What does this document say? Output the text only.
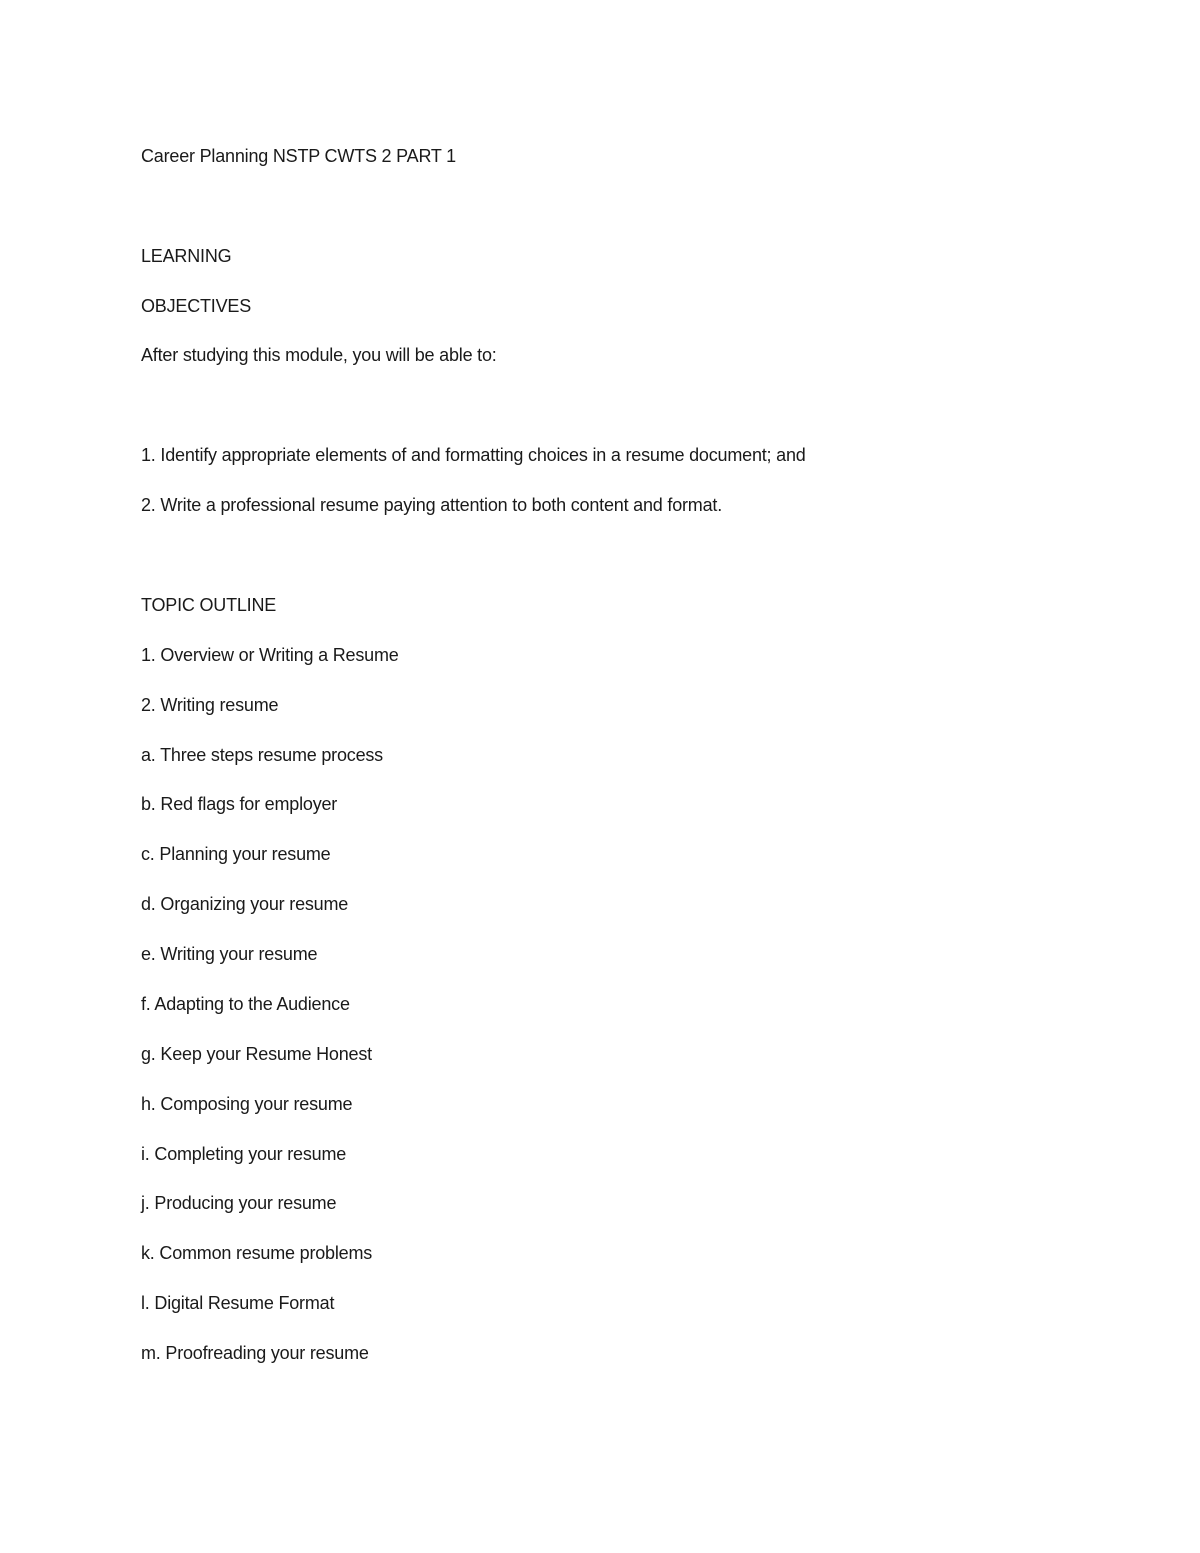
Career Planning NSTP CWTS 2 PART 1
LEARNING
OBJECTIVES
After studying this module, you will be able to:
1. Identify appropriate elements of and formatting choices in a resume document; and
2. Write a professional resume paying attention to both content and format.
TOPIC OUTLINE
1. Overview or Writing a Resume
2. Writing resume
a. Three steps resume process
b. Red flags for employer
c. Planning your resume
d. Organizing your resume
e. Writing your resume
f. Adapting to the Audience
g. Keep your Resume Honest
h. Composing your resume
i. Completing your resume
j. Producing your resume
k. Common resume problems
l. Digital Resume Format
m. Proofreading your resume
